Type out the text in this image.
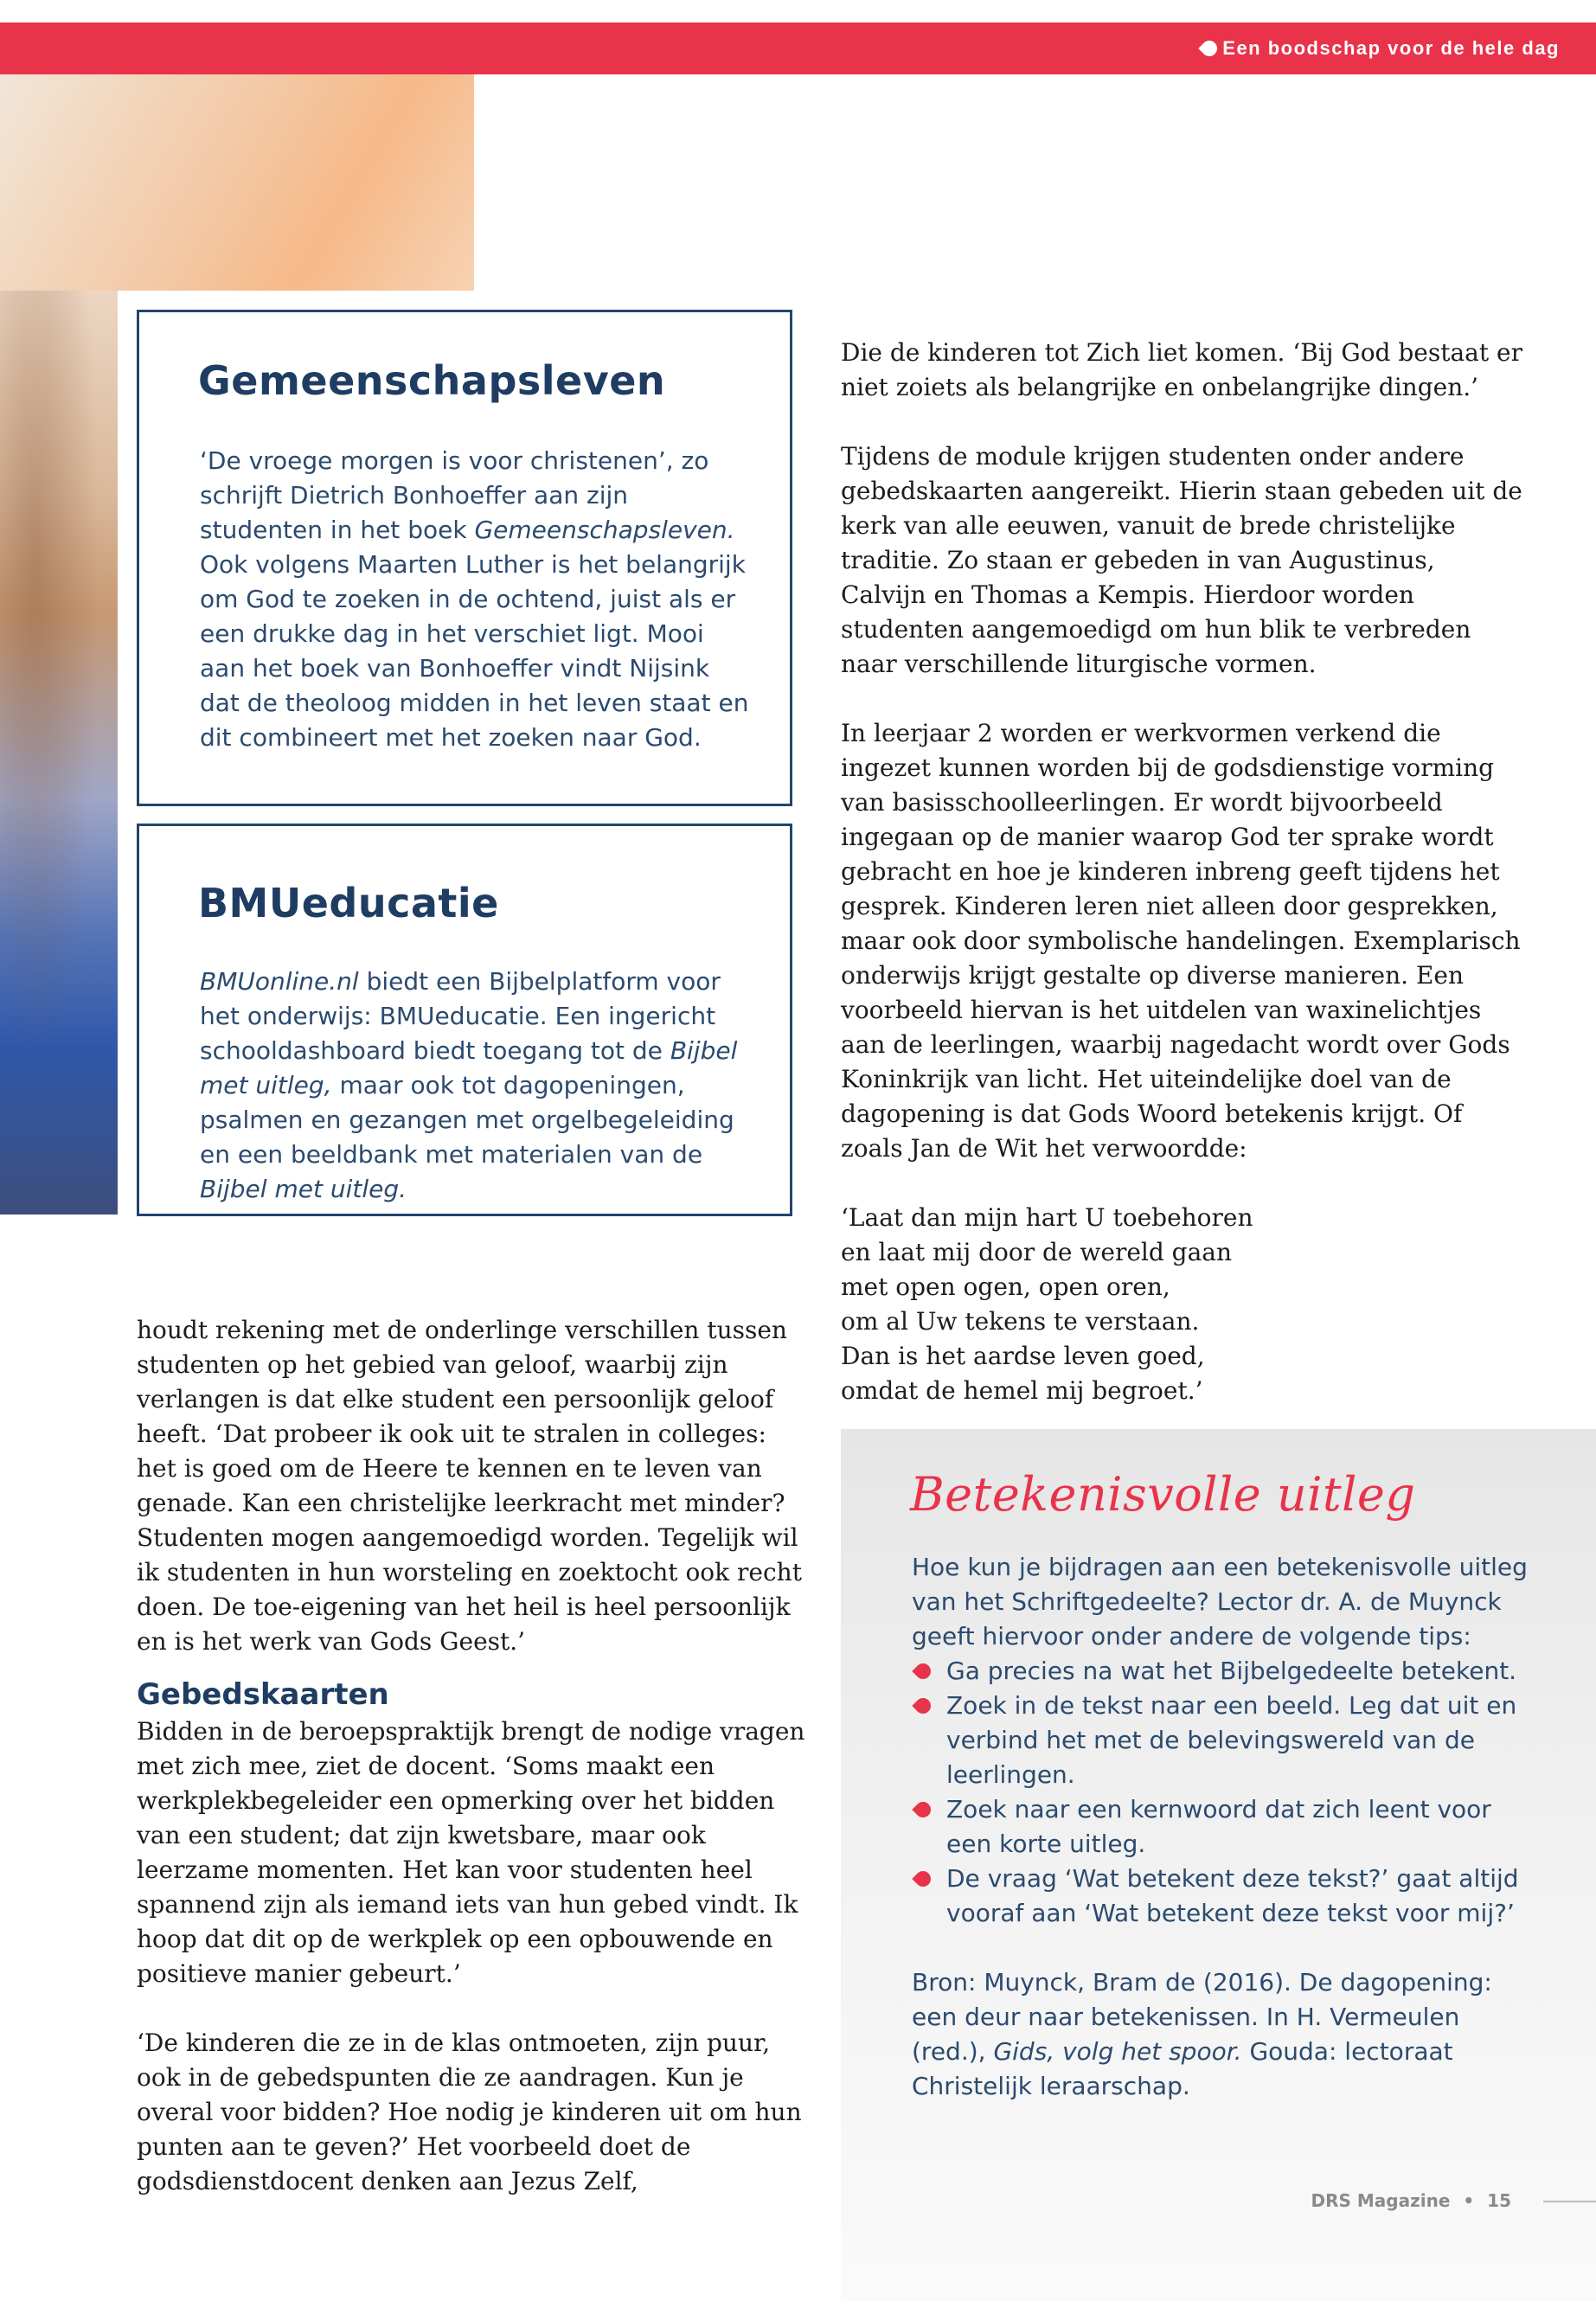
Een boodschap voor de hele dag
Gemeenschapsleven

‘De vroege morgen is voor christenen’, zo schrijft Dietrich Bonhoeffer aan zijn studenten in het boek Gemeenschapsleven. Ook volgens Maarten Luther is het belangrijk om God te zoeken in de ochtend, juist als er een drukke dag in het verschiet ligt. Mooi aan het boek van Bonhoeffer vindt Nijsink dat de theoloog midden in het leven staat en dit combineert met het zoeken naar God.

BMUeducatie

BMUonline.nl biedt een Bijbelplatform voor het onderwijs: BMUeducatie. Een ingericht schooldashboard biedt toegang tot de Bijbel met uitleg, maar ook tot dagopeningen, psalmen en gezangen met orgelbegeleiding en een beeldbank met materialen van de Bijbel met uitleg.

houdt rekening met de onderlinge verschillen tussen studenten op het gebied van geloof, waarbij zijn verlangen is dat elke student een persoonlijk geloof heeft. ‘Dat probeer ik ook uit te stralen in colleges: het is goed om de Heere te kennen en te leven van genade. Kan een christelijke leerkracht met minder? Studenten mogen aangemoedigd worden. Tegelijk wil ik studenten in hun worsteling en zoektocht ook recht doen. De toe-eigening van het heil is heel persoonlijk en is het werk van Gods Geest.’

Gebedskaarten

Bidden in de beroepspraktijk brengt de nodige vragen met zich mee, ziet de docent. ‘Soms maakt een werkplekbegeleider een opmerking over het bidden van een student; dat zijn kwetsbare, maar ook leerzame momenten. Het kan voor studenten heel spannend zijn als iemand iets van hun gebed vindt. Ik hoop dat dit op de werkplek op een opbouwende en positieve manier gebeurt.’

‘De kinderen die ze in de klas ontmoeten, zijn puur, ook in de gebedspunten die ze aandragen. Kun je overal voor bidden? Hoe nodig je kinderen uit om hun punten aan te geven?’ Het voorbeeld doet de godsdienstdocent denken aan Jezus Zelf,

Die de kinderen tot Zich liet komen. ‘Bij God bestaat er niet zoiets als belangrijke en onbelangrijke dingen.’

Tijdens de module krijgen studenten onder andere gebedskaarten aangereikt. Hierin staan gebeden uit de kerk van alle eeuwen, vanuit de brede christelijke traditie. Zo staan er gebeden in van Augustinus, Calvijn en Thomas a Kempis. Hierdoor worden studenten aangemoedigd om hun blik te verbreden naar verschillende liturgische vormen.

In leerjaar 2 worden er werkvormen verkend die ingezet kunnen worden bij de godsdienstige vorming van basisschoolleerlingen. Er wordt bijvoorbeeld ingegaan op de manier waarop God ter sprake wordt gebracht en hoe je kinderen inbreng geeft tijdens het gesprek. Kinderen leren niet alleen door gesprekken, maar ook door symbolische handelingen. Exemplarisch onderwijs krijgt gestalte op diverse manieren. Een voorbeeld hiervan is het uitdelen van waxinelichtjes aan de leerlingen, waarbij nagedacht wordt over Gods Koninkrijk van licht. Het uiteindelijke doel van de dagopening is dat Gods Woord betekenis krijgt. Of zoals Jan de Wit het verwoordde:

‘Laat dan mijn hart U toebehoren
en laat mij door de wereld gaan
met open ogen, open oren,
om al Uw tekens te verstaan.
Dan is het aardse leven goed,
omdat de hemel mij begroet.’
Betekenisvolle uitleg

Hoe kun je bijdragen aan een betekenisvolle uitleg van het Schriftgedeelte? Lector dr. A. de Muynck geeft hiervoor onder andere de volgende tips:

Ga precies na wat het Bijbelgedeelte betekent.
Zoek in de tekst naar een beeld. Leg dat uit en verbind het met de belevingswereld van de leerlingen.
Zoek naar een kernwoord dat zich leent voor een korte uitleg.
De vraag ‘Wat betekent deze tekst?’ gaat altijd vooraf aan ‘Wat betekent deze tekst voor mij?’

Bron: Muynck, Bram de (2016). De dagopening: een deur naar betekenissen. In H. Vermeulen (red.), Gids, volg het spoor. Gouda: lectoraat Christelijk leraarschap.

DRS Magazine • 15
